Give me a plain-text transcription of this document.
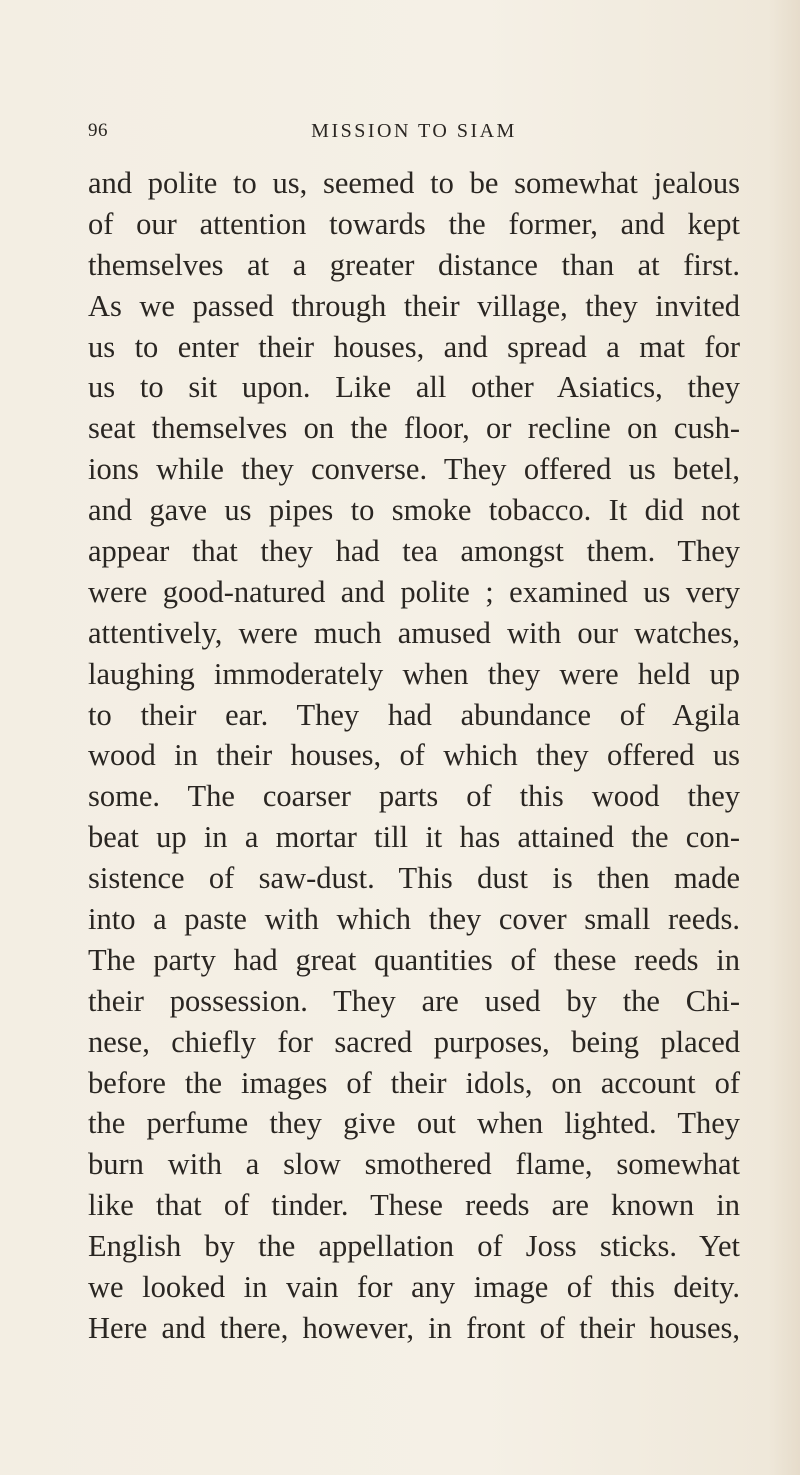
96	MISSION TO SIAM
and polite to us, seemed to be somewhat jealous
of our attention towards the former, and kept
themselves at a greater distance than at first.
As we passed through their village, they invited
us to enter their houses, and spread a mat for
us to sit upon. Like all other Asiatics, they
seat themselves on the floor, or recline on cush-
ions while they converse. They offered us betel,
and gave us pipes to smoke tobacco. It did not
appear that they had tea amongst them. They
were good-natured and polite ; examined us very
attentively, were much amused with our watches,
laughing immoderately when they were held up
to their ear. They had abundance of Agila
wood in their houses, of which they offered us
some. The coarser parts of this wood they
beat up in a mortar till it has attained the con-
sistence of saw-dust. This dust is then made
into a paste with which they cover small reeds.
The party had great quantities of these reeds in
their possession. They are used by the Chi-
nese, chiefly for sacred purposes, being placed
before the images of their idols, on account of
the perfume they give out when lighted. They
burn with a slow smothered flame, somewhat
like that of tinder. These reeds are known in
English by the appellation of Joss sticks. Yet
we looked in vain for any image of this deity.
Here and there, however, in front of their houses,
